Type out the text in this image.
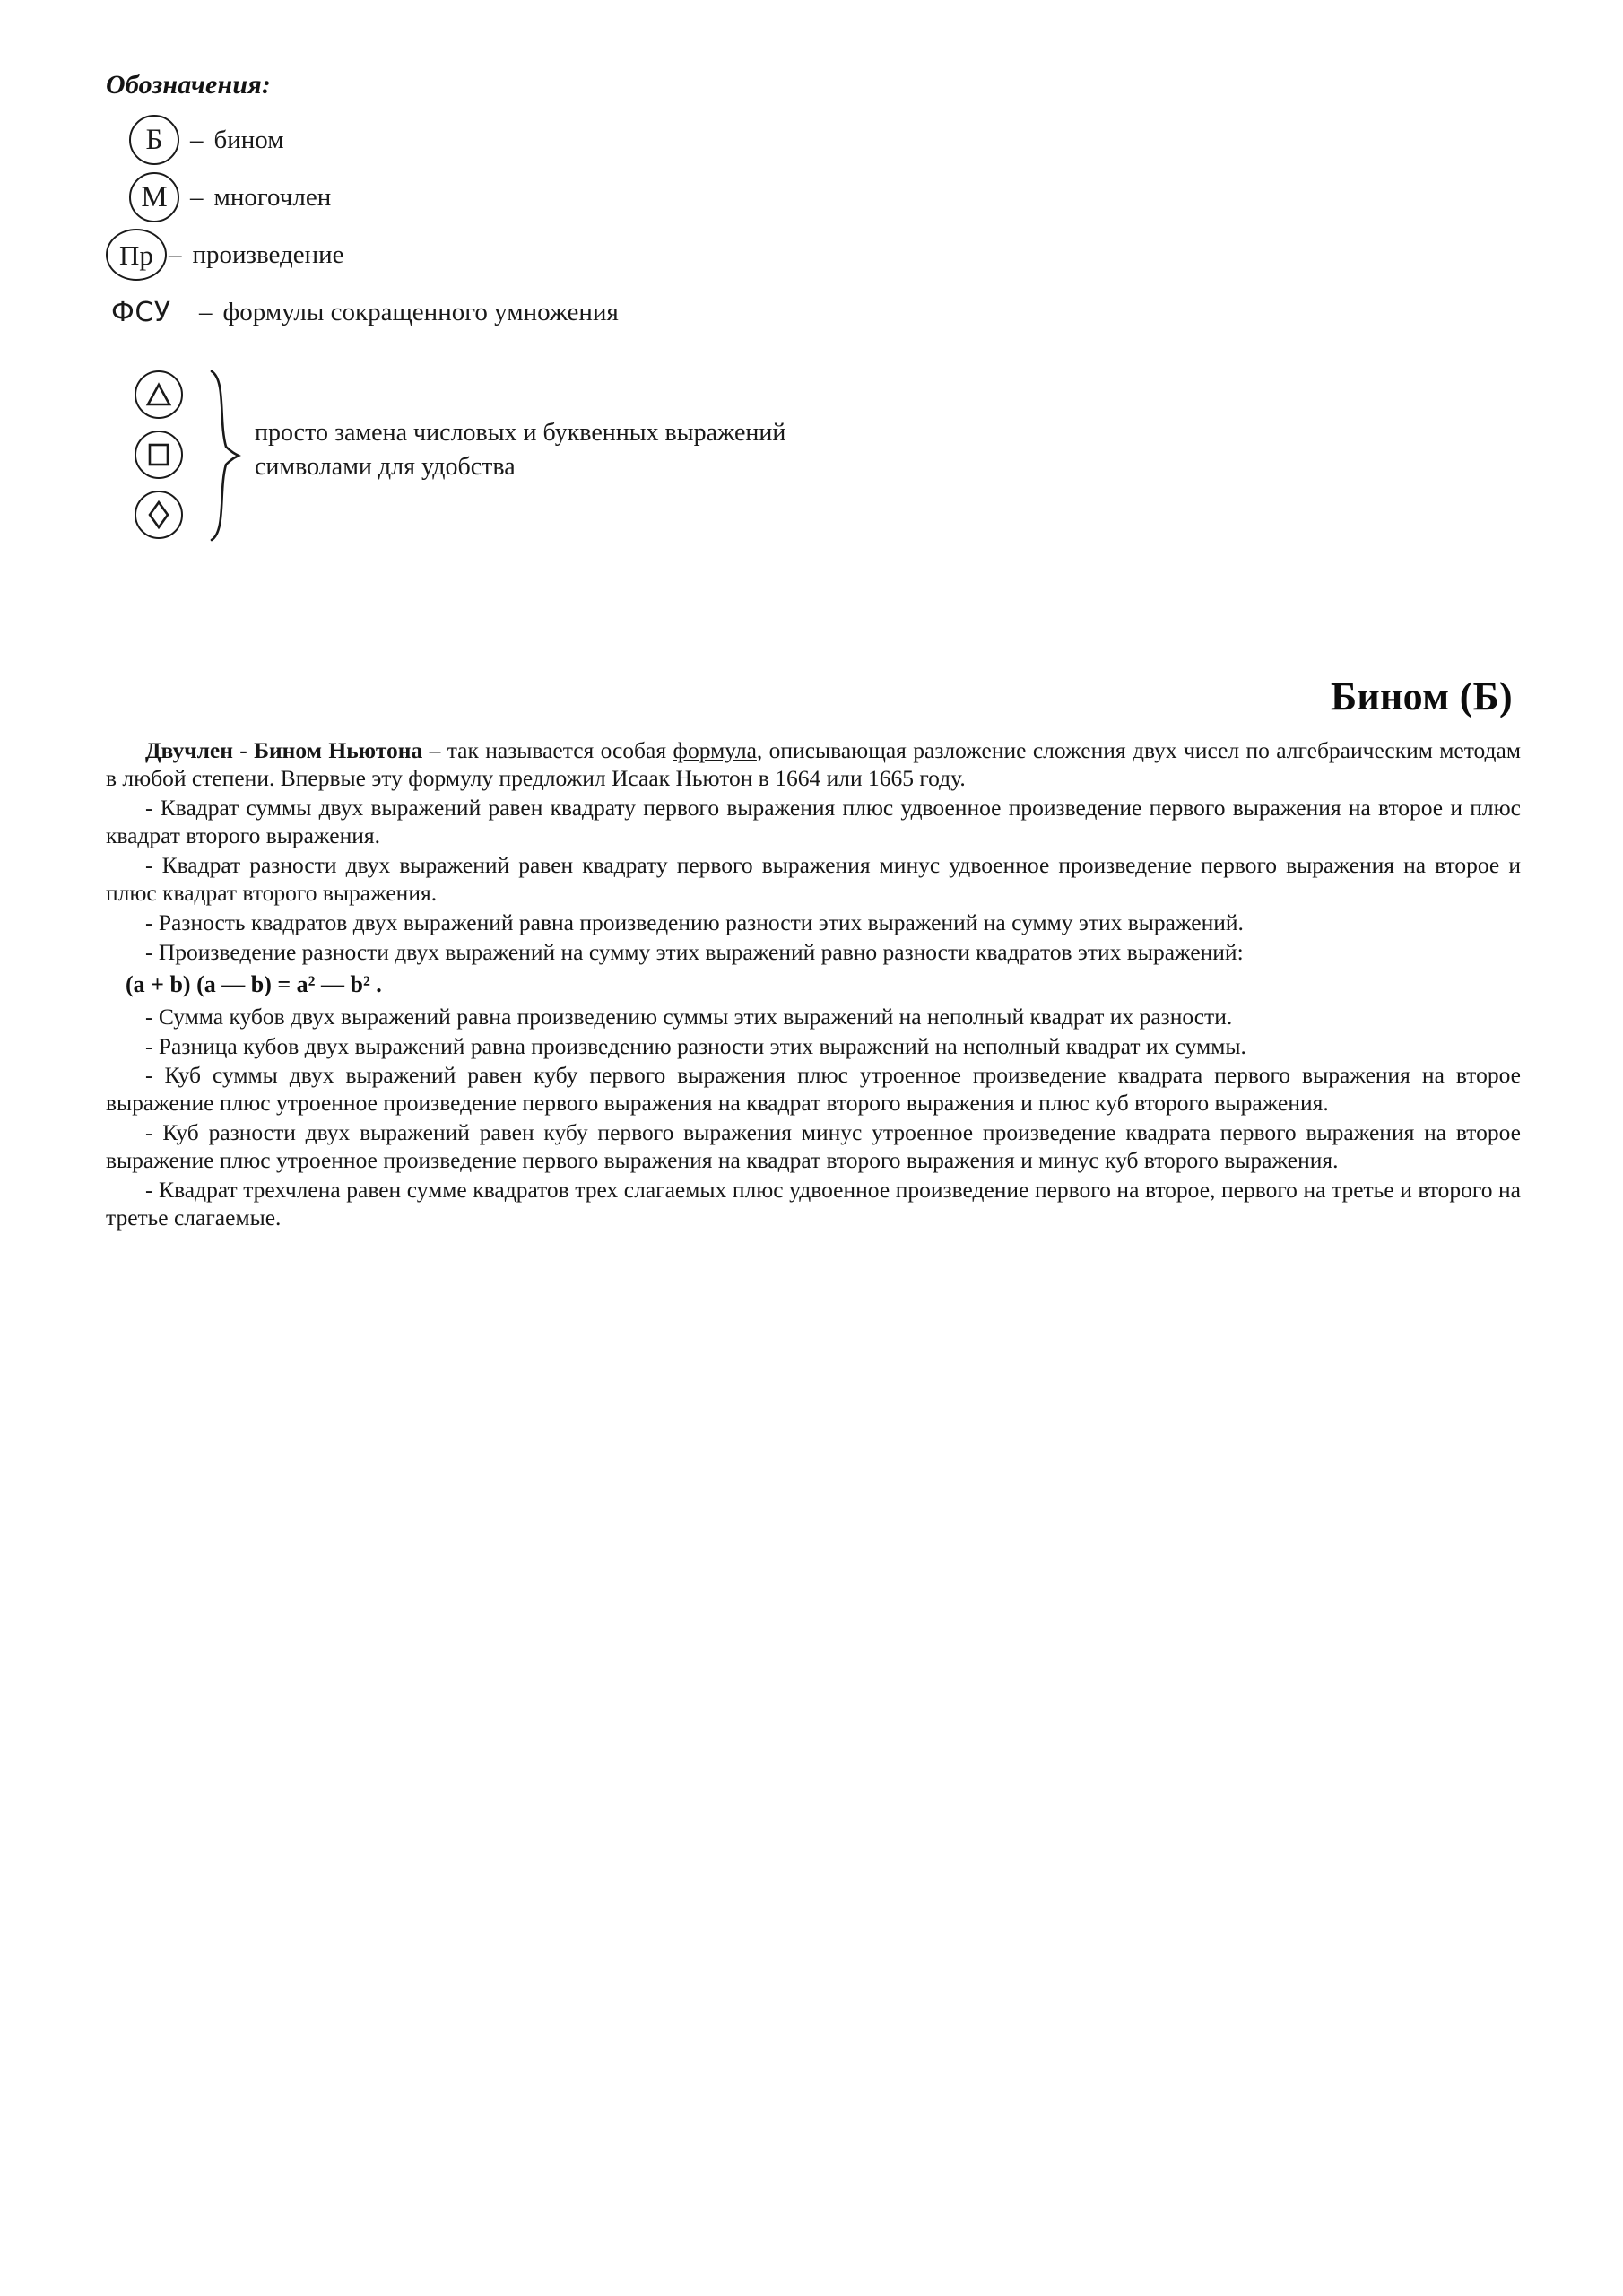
Обозначения:
Б	– бином
М – многочлен
Пр – произведение
ФСУ	– формулы сокращенного умножения
просто замена числовых и буквенных выражений
символами для удобства
Бином (Б)

Двучлен - Бином Ньютона – так называется особая формула, описывающая разложение сложения двух чисел по алгебраическим методам в любой степени. Впервые эту формулу предложил Исаак Ньютон в 1664 или 1665 году.

- Квадрат суммы двух выражений равен квадрату первого выражения плюс удвоенное произведение первого выражения на второе и плюс квадрат второго выражения.

- Квадрат разности двух выражений равен квадрату первого выражения минус удвоенное произведение первого выражения на второе и плюс квадрат второго выражения.

- Разность квадратов двух выражений равна произведению разности этих выражений на сумму этих выражений.

- Произведение разности двух выражений на сумму этих выражений равно разности квадратов этих выражений:

(a + b) (a — b) = a² — b² .

- Сумма кубов двух выражений равна произведению суммы этих выражений на неполный квадрат их разности.

- Разница кубов двух выражений равна произведению разности этих выражений на неполный квадрат их суммы.

- Куб суммы двух выражений равен кубу первого выражения плюс утроенное произведение квадрата первого выражения на второе выражение плюс утроенное произведение первого выражения на квадрат второго выражения и плюс куб второго выражения.

- Куб разности двух выражений равен кубу первого выражения минус утроенное произведение квадрата первого выражения на второе выражение плюс утроенное произведение первого выражения на квадрат второго выражения и минус куб второго выражения.

- Квадрат трехчлена равен сумме квадратов трех слагаемых плюс удвоенное произведение первого на второе, первого на третье и второго на третье слагаемые.
